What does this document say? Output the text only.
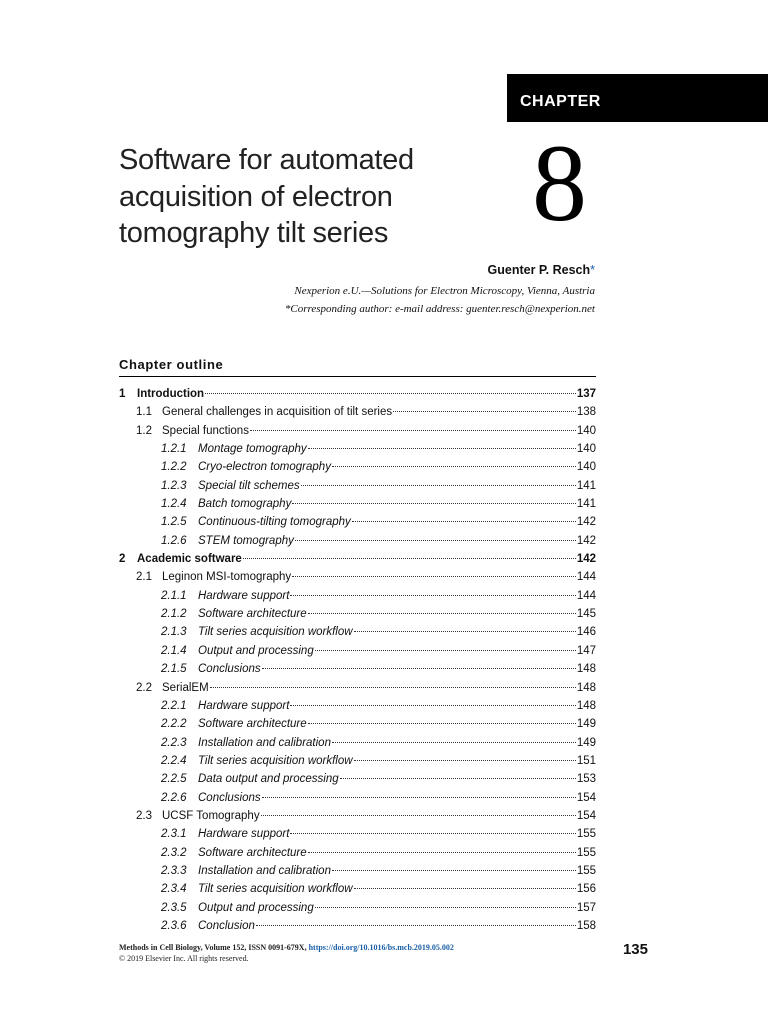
CHAPTER
8
Software for automated
acquisition of electron
tomography tilt series
Guenter P. Resch*
Nexperion e.U.—Solutions for Electron Microscopy, Vienna, Austria
*Corresponding author: e-mail address: guenter.resch@nexperion.net
Chapter outline
1	Introduction	137
1.1 General challenges in acquisition of tilt series	138
1.2 Special functions	140
1.2.1 Montage tomography	140
1.2.2 Cryo-electron tomography	140
1.2.3 Special tilt schemes	141
1.2.4 Batch tomography	141
1.2.5 Continuous-tilting tomography	142
1.2.6 STEM tomography	142
2	Academic software	142
2.1 Leginon MSI-tomography	144
2.1.1 Hardware support	144
2.1.2 Software architecture	145
2.1.3 Tilt series acquisition workflow	146
2.1.4 Output and processing	147
2.1.5 Conclusions	148
2.2 SerialEM	148
2.2.1 Hardware support	148
2.2.2 Software architecture	149
2.2.3 Installation and calibration	149
2.2.4 Tilt series acquisition workflow	151
2.2.5 Data output and processing	153
2.2.6 Conclusions	154
2.3 UCSF Tomography	154
2.3.1 Hardware support	155
2.3.2 Software architecture	155
2.3.3 Installation and calibration	155
2.3.4 Tilt series acquisition workflow	156
2.3.5 Output and processing	157
2.3.6 Conclusion	158
Methods in Cell Biology, Volume 152, ISSN 0091-679X, https://doi.org/10.1016/bs.mcb.2019.05.002
© 2019 Elsevier Inc. All rights reserved.
135
